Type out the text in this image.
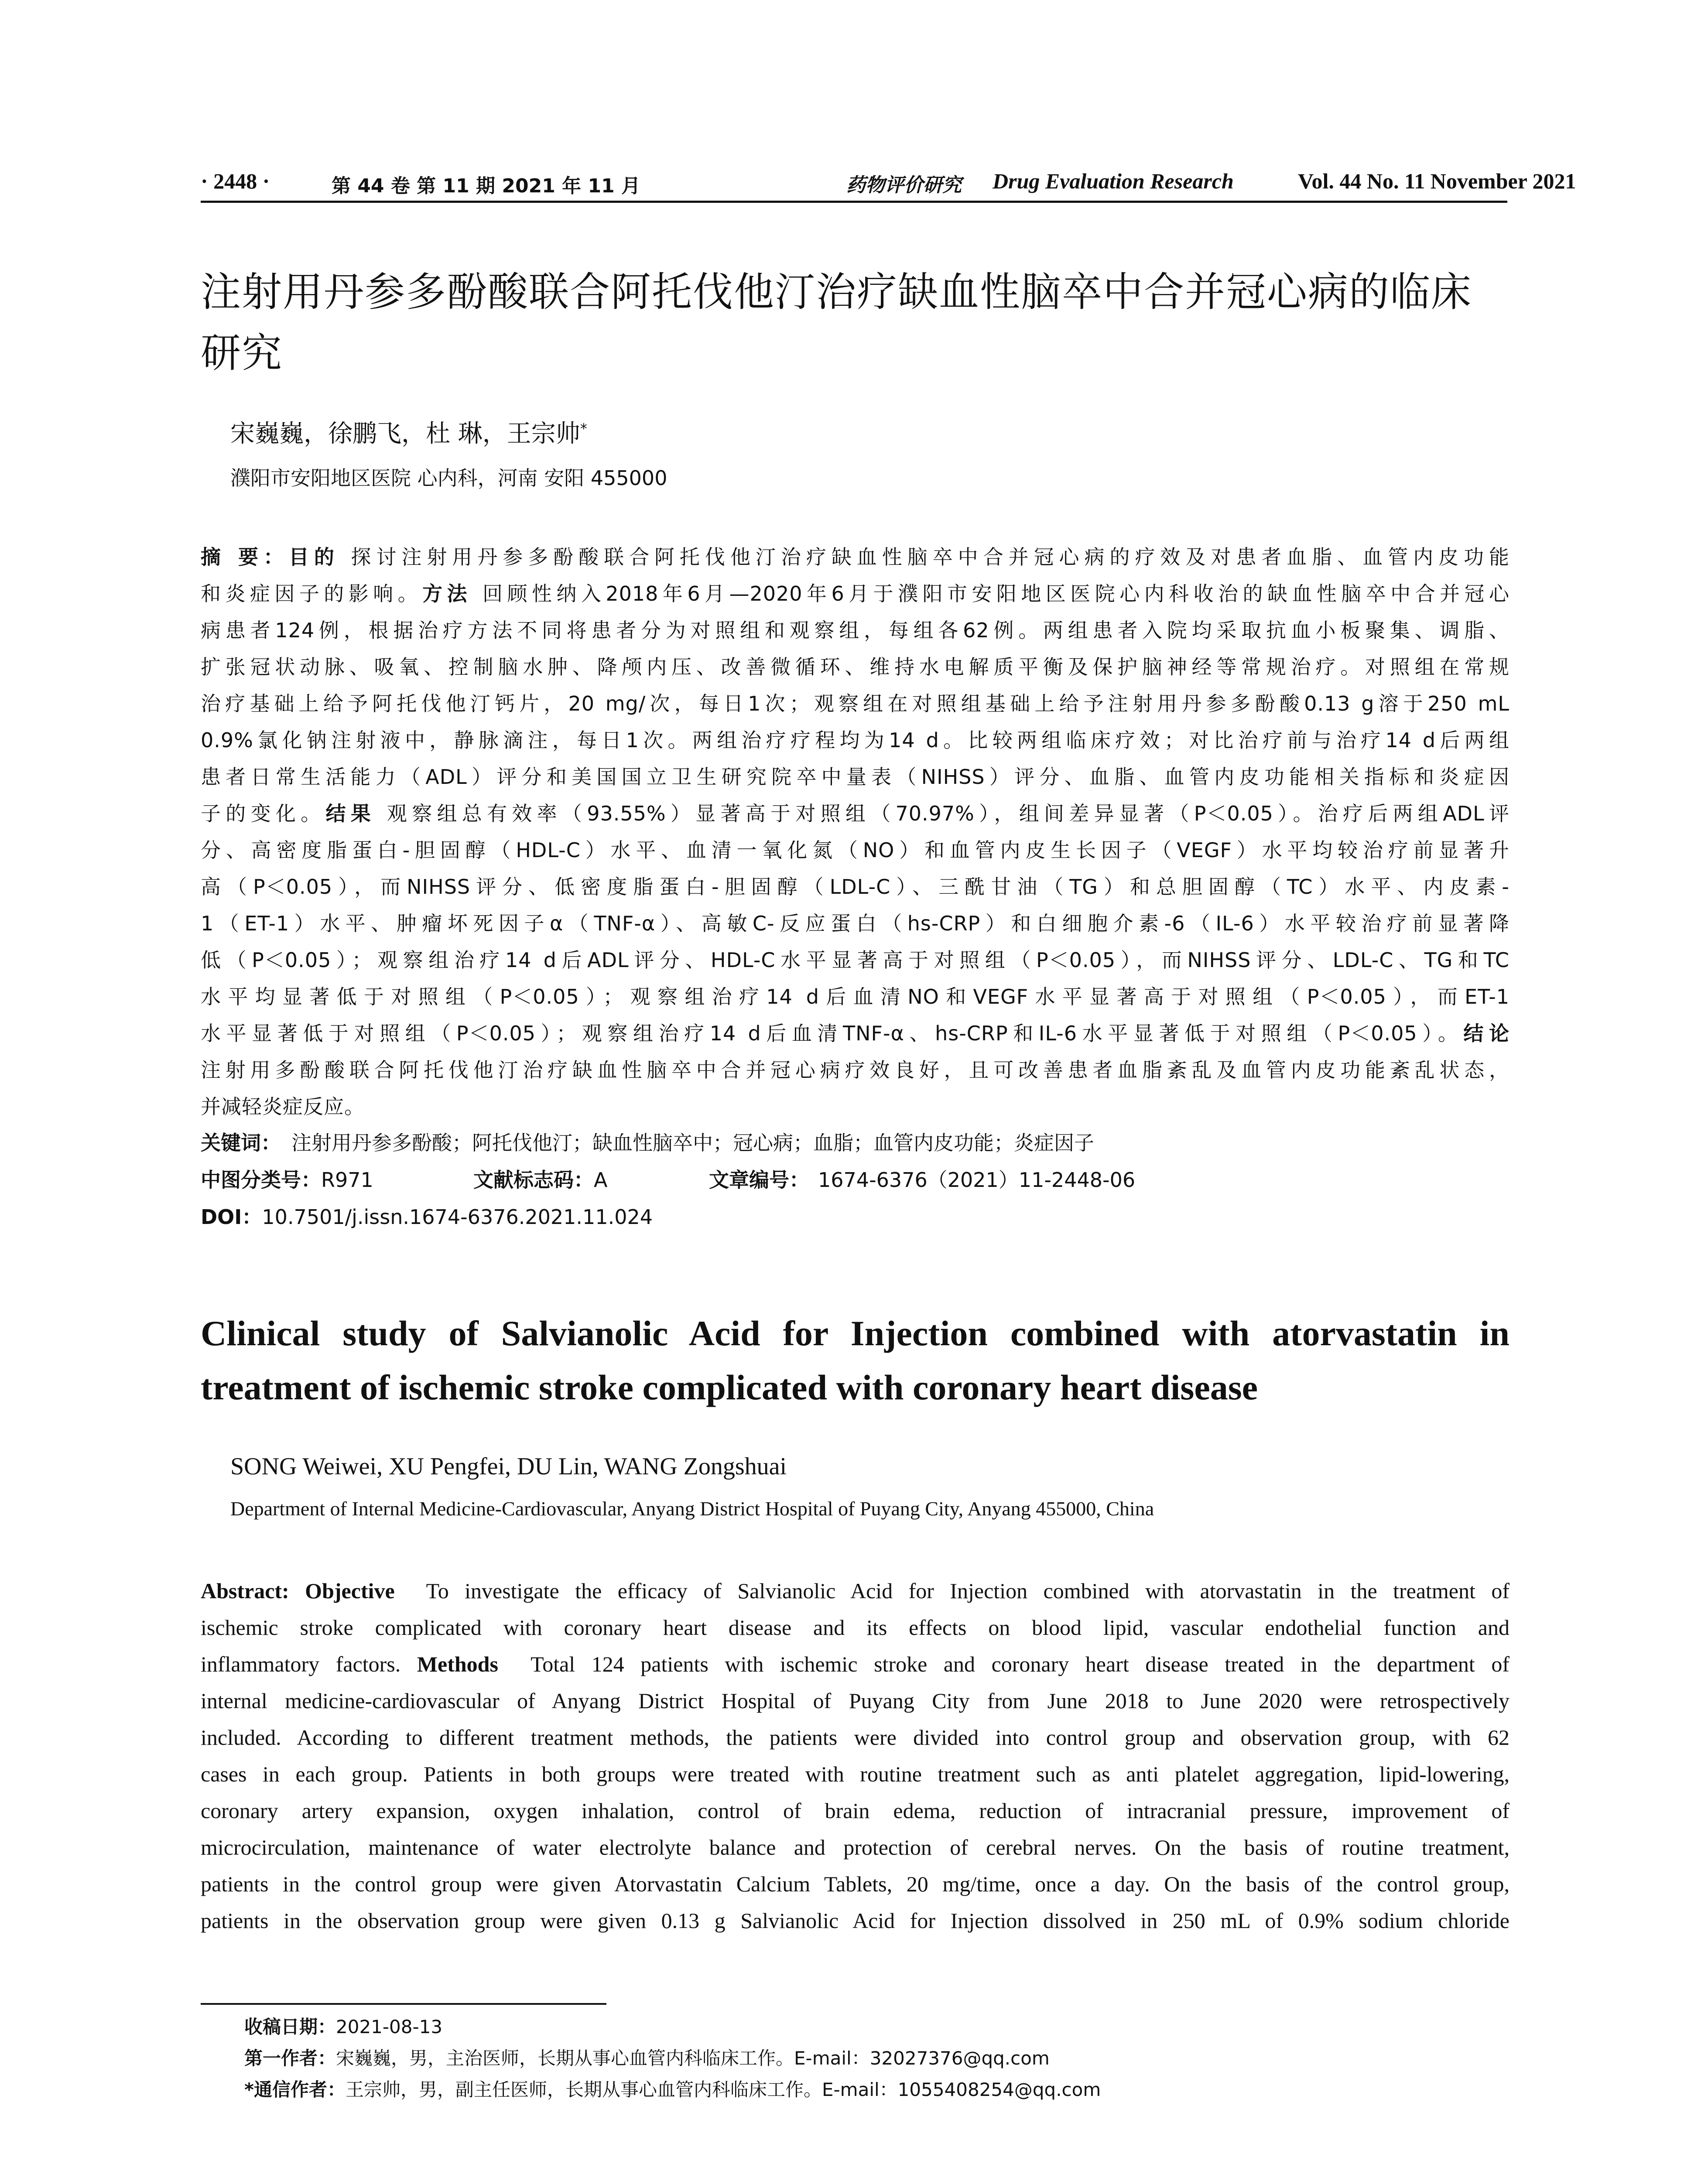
· 2448 ·	第 44 卷 第 11 期 2021 年 11 月	药物评价研究 Drug Evaluation Research	Vol. 44 No. 11 November 2021
注射用丹参多酚酸联合阿托伐他汀治疗缺血性脑卒中合并冠心病的临床
研究
宋巍巍，徐鹏飞，杜 琳，王宗帅*
濮阳市安阳地区医院 心内科，河南 安阳 455000
摘 要：目的 探讨注射用丹参多酚酸联合阿托伐他汀治疗缺血性脑卒中合并冠心病的疗效及对患者血脂、血管内皮功能
和炎症因子的影响。方法 回顾性纳入2018年6月—2020年6月于濮阳市安阳地区医院心内科收治的缺血性脑卒中合并冠心
病患者124例，根据治疗方法不同将患者分为对照组和观察组，每组各62例。两组患者入院均采取抗血小板聚集、调脂、
扩张冠状动脉、吸氧、控制脑水肿、降颅内压、改善微循环、维持水电解质平衡及保护脑神经等常规治疗。对照组在常规
治疗基础上给予阿托伐他汀钙片，20 mg/次，每日1次；观察组在对照组基础上给予注射用丹参多酚酸0.13 g溶于250 mL
0.9%氯化钠注射液中，静脉滴注，每日1次。两组治疗疗程均为14 d。比较两组临床疗效；对比治疗前与治疗14 d后两组
患者日常生活能力（ADL）评分和美国国立卫生研究院卒中量表（NIHSS）评分、血脂、血管内皮功能相关指标和炎症因
子的变化。结果 观察组总有效率（93.55%）显著高于对照组（70.97%），组间差异显著（P＜0.05）。治疗后两组ADL评
分、高密度脂蛋白-胆固醇（HDL-C）水平、血清一氧化氮（NO）和血管内皮生长因子（VEGF）水平均较治疗前显著升
高（P＜0.05），而NIHSS评分、低密度脂蛋白-胆固醇（LDL-C）、三酰甘油（TG）和总胆固醇（TC）水平、内皮素-
1（ET-1）水平、肿瘤坏死因子α（TNF-α）、高敏C-反应蛋白（hs-CRP）和白细胞介素-6（IL-6）水平较治疗前显著降
低（P＜0.05）；观察组治疗14 d后ADL评分、HDL-C水平显著高于对照组（P＜0.05），而NIHSS评分、LDL-C、TG和TC
水平均显著低于对照组（P＜0.05）；观察组治疗14 d后血清NO和VEGF水平显著高于对照组（P＜0.05），而ET-1
水平显著低于对照组（P＜0.05）；观察组治疗14 d后血清TNF-α、hs-CRP和IL-6水平显著低于对照组（P＜0.05）。结论
注射用多酚酸联合阿托伐他汀治疗缺血性脑卒中合并冠心病疗效良好，且可改善患者血脂紊乱及血管内皮功能紊乱状态，
并减轻炎症反应。
关键词： 注射用丹参多酚酸；阿托伐他汀；缺血性脑卒中；冠心病；血脂；血管内皮功能；炎症因子
中图分类号：R971	文献标志码：A	文章编号： 1674-6376（2021）11-2448-06
DOI：10.7501/j.issn.1674-6376.2021.11.024
Clinical study of Salvianolic Acid for Injection combined with atorvastatin in
treatment of ischemic stroke complicated with coronary heart disease
SONG Weiwei, XU Pengfei, DU Lin, WANG Zongshuai
Department of Internal Medicine-Cardiovascular, Anyang District Hospital of Puyang City, Anyang 455000, China
Abstract: Objective To investigate the efficacy of Salvianolic Acid for Injection combined with atorvastatin in the treatment of
ischemic stroke complicated with coronary heart disease and its effects on blood lipid, vascular endothelial function and
inflammatory factors. Methods Total 124 patients with ischemic stroke and coronary heart disease treated in the department of
internal medicine-cardiovascular of Anyang District Hospital of Puyang City from June 2018 to June 2020 were retrospectively
included. According to different treatment methods, the patients were divided into control group and observation group, with 62
cases in each group. Patients in both groups were treated with routine treatment such as anti platelet aggregation, lipid-lowering,
coronary artery expansion, oxygen inhalation, control of brain edema, reduction of intracranial pressure, improvement of
microcirculation, maintenance of water electrolyte balance and protection of cerebral nerves. On the basis of routine treatment,
patients in the control group were given Atorvastatin Calcium Tablets, 20 mg/time, once a day. On the basis of the control group,
patients in the observation group were given 0.13 g Salvianolic Acid for Injection dissolved in 250 mL of 0.9% sodium chloride
收稿日期：2021-08-13
第一作者：宋巍巍，男，主治医师，长期从事心血管内科临床工作。E-mail：32027376@qq.com
*通信作者：王宗帅，男，副主任医师，长期从事心血管内科临床工作。E-mail：1055408254@qq.com
